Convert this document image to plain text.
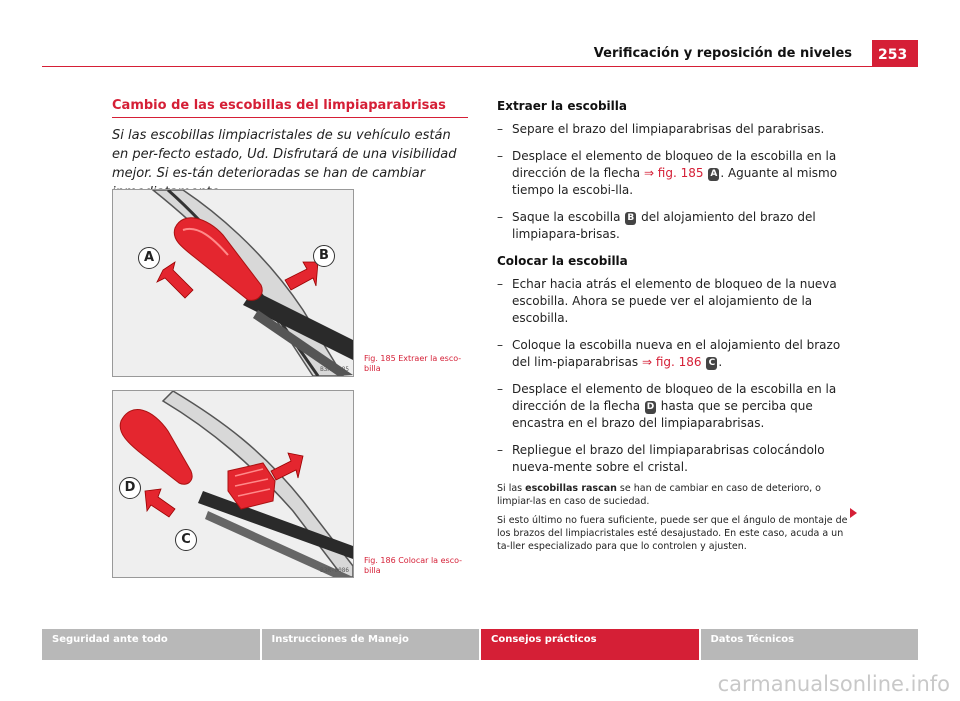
Verificación y reposición de niveles	253
Cambio de las escobillas del limpiaparabrisas
Si las escobillas limpiacristales de su vehículo están en per-fecto estado, Ud. Disfrutará de una visibilidad mejor. Si es-tán deterioradas se han de cambiar
A	B
B3R-0085
Fig. 185 Extraer la esco-billa
D
C
B3R-0086
Fig. 186 Colocar la esco-billa
Extraer la escobilla

– Separe el brazo del limpiaparabrisas del parabrisas.

– Desplace el elemento de bloqueo de la escobilla en la dirección de la flecha ⇒ fig. 185 A . Aguante al mismo tiempo la escobi-lla.

– Saque la escobilla B del alojamiento del brazo del limpiapara-brisas.

Colocar la escobilla

– Echar hacia atrás el elemento de bloqueo de la nueva escobilla. Ahora se puede ver el alojamiento de la escobilla.

– Coloque la escobilla nueva en el alojamiento del brazo del lim-piaparabrisas ⇒ fig. 186 C .

– Desplace el elemento de bloqueo de la escobilla en la dirección de la flecha D hasta que se perciba que encastra en el brazo del limpiaparabrisas.

– Repliegue el brazo del limpiaparabrisas colocándolo nueva-mente sobre el cristal.

Si las escobillas rascan se han de cambiar en caso de deterioro, o limpiar-las en caso de suciedad.

Si esto último no fuera suficiente, puede ser que el ángulo de montaje de los brazos del limpiacristales esté desajustado. En este caso, acuda a un ta-ller especializado para que lo controlen y ajusten.

Seguridad ante todo	Instrucciones de Manejo	Consejos prácticos	Datos Técnicos
carmanualsonline.info
